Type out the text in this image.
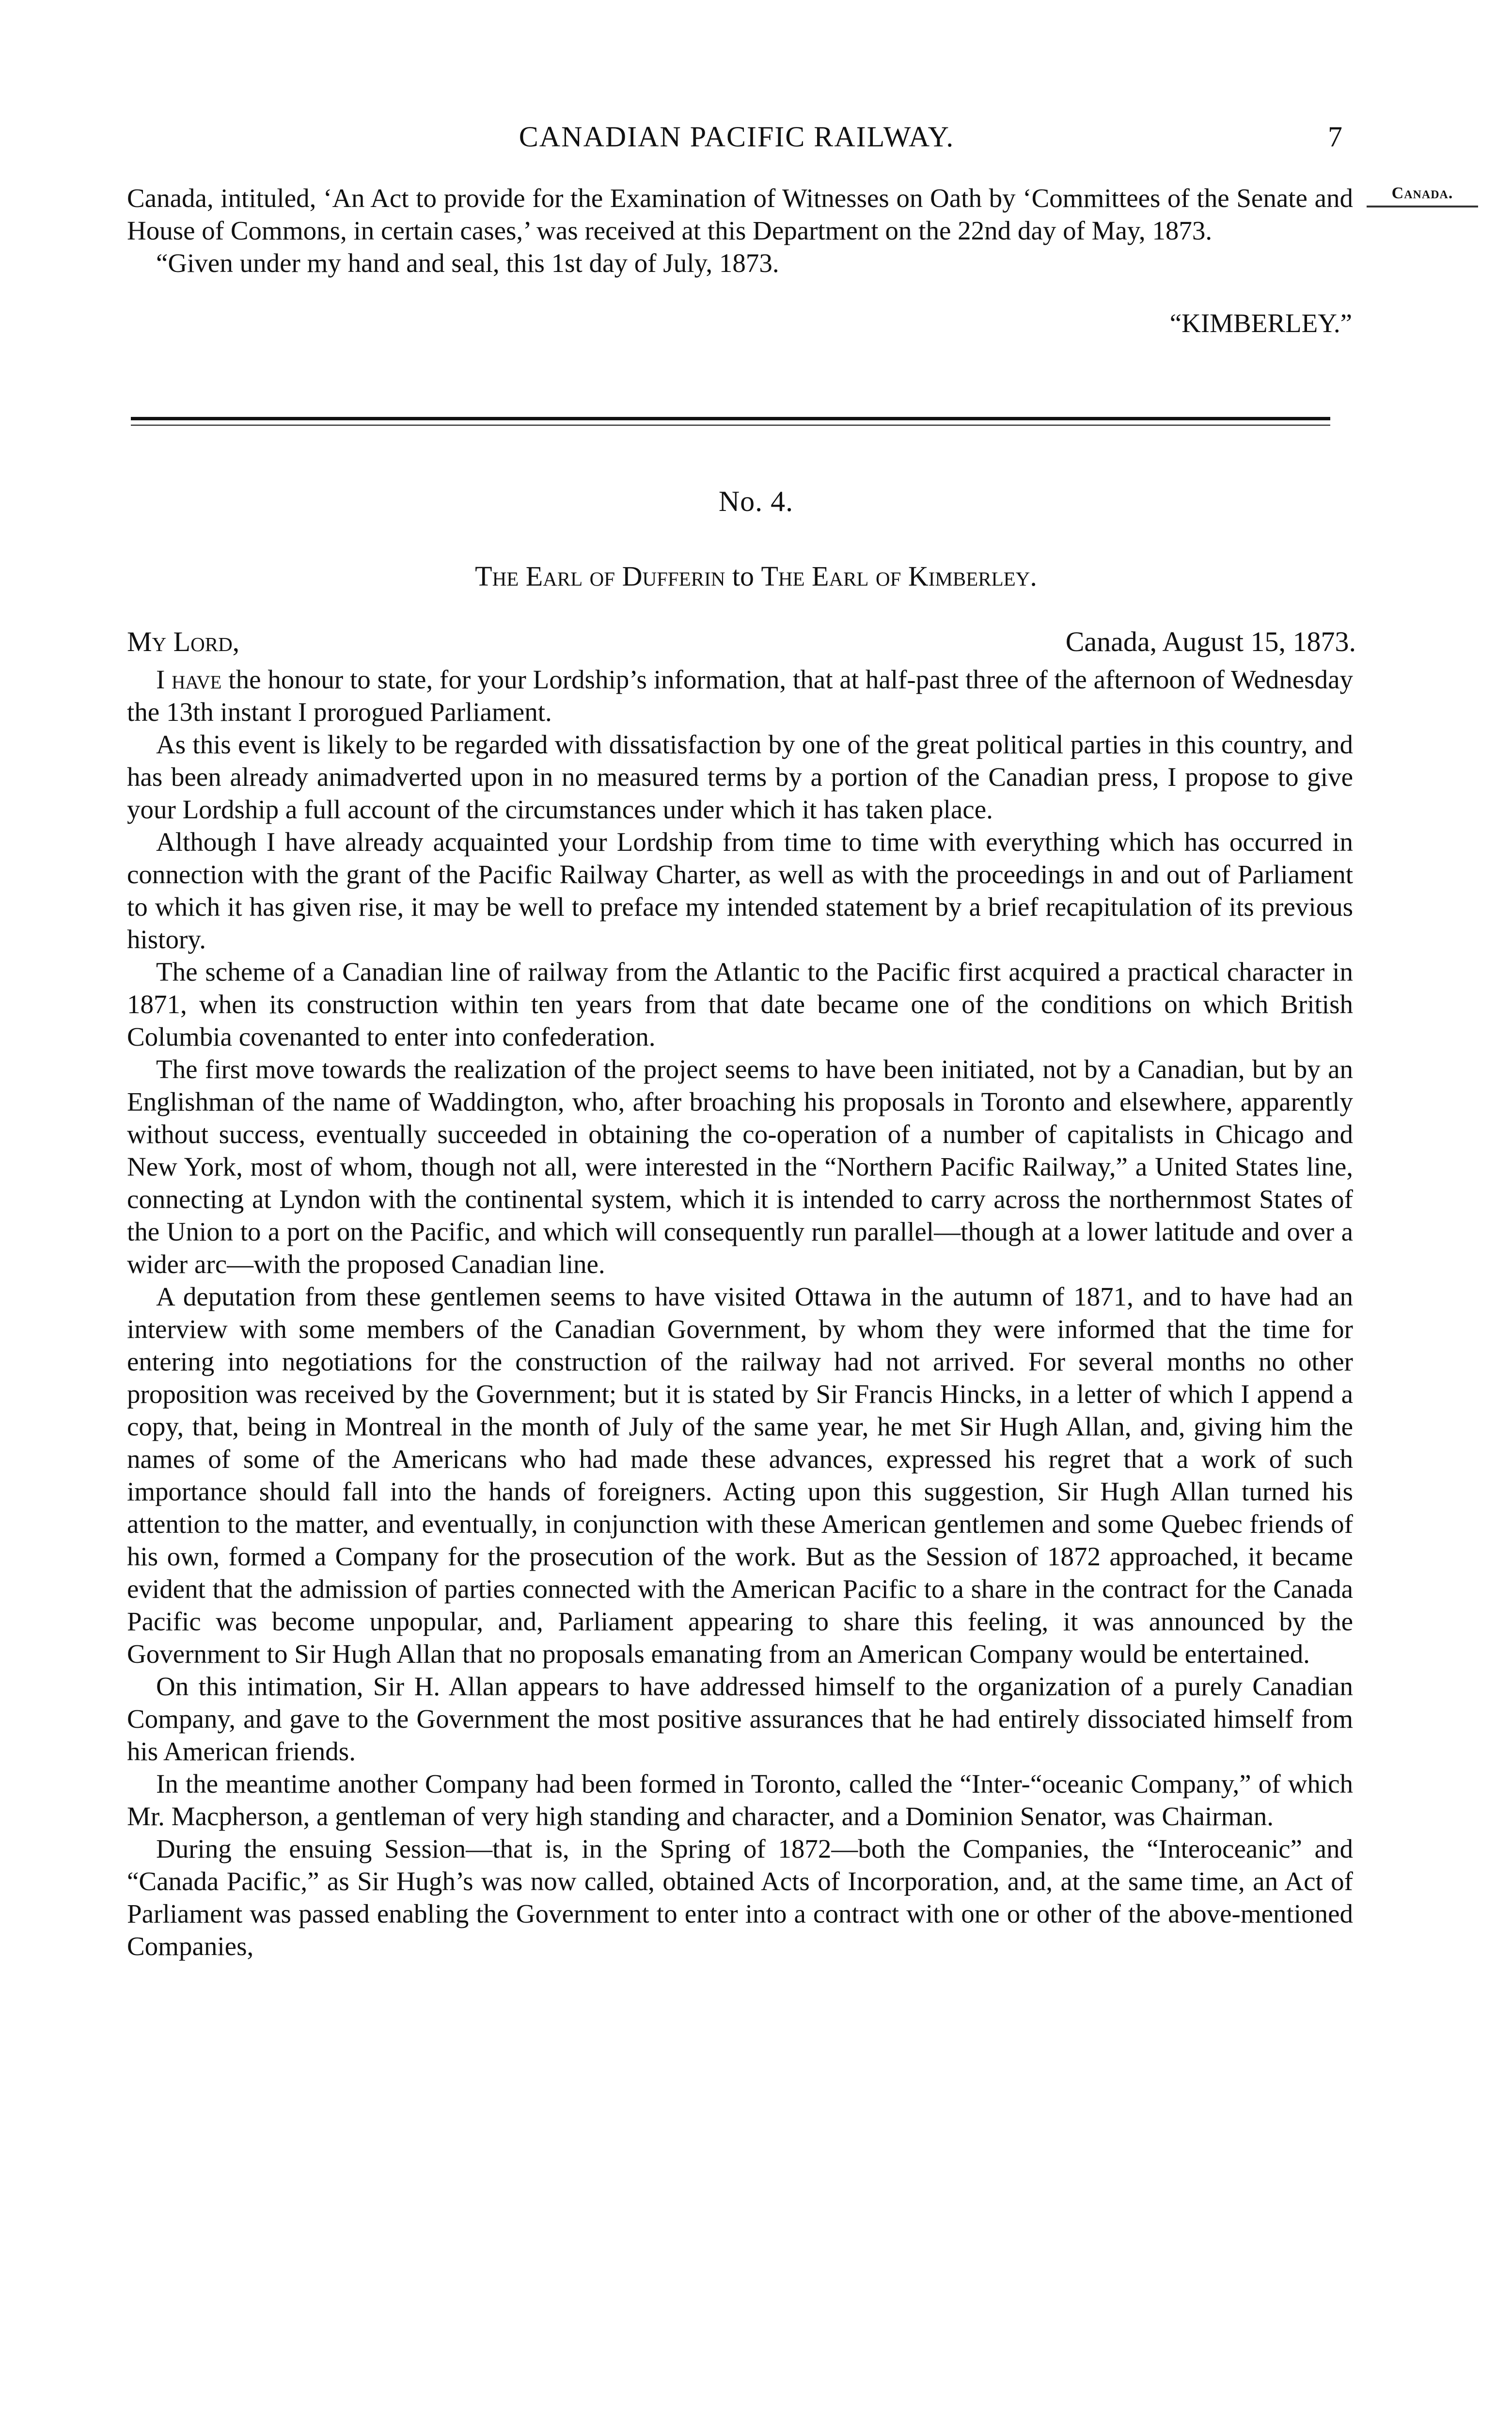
CANADIAN PACIFIC RAILWAY.	7
Canada.

Canada, intituled, ‘An Act to provide for the Examination of Witnesses on Oath by ‘Committees of the Senate and House of Commons, in certain cases,’ was received at this Department on the 22nd day of May, 1873.

“Given under my hand and seal, this 1st day of July, 1873.

“KIMBERLEY.”
No. 4.
The Earl of Dufferin to The Earl of Kimberley.
My Lord,	Canada, August 15, 1873.

I have the honour to state, for your Lordship’s information, that at half-past three of the afternoon of Wednesday the 13th instant I prorogued Parliament.

As this event is likely to be regarded with dissatisfaction by one of the great political parties in this country, and has been already animadverted upon in no measured terms by a portion of the Canadian press, I propose to give your Lordship a full account of the circumstances under which it has taken place.

Although I have already acquainted your Lordship from time to time with everything which has occurred in connection with the grant of the Pacific Railway Charter, as well as with the proceedings in and out of Parliament to which it has given rise, it may be well to preface my intended statement by a brief recapitulation of its previous history.

The scheme of a Canadian line of railway from the Atlantic to the Pacific first acquired a practical character in 1871, when its construction within ten years from that date became one of the conditions on which British Columbia covenanted to enter into confederation.

The first move towards the realization of the project seems to have been initiated, not by a Canadian, but by an Englishman of the name of Waddington, who, after broaching his proposals in Toronto and elsewhere, apparently without success, eventually succeeded in obtaining the co-operation of a number of capitalists in Chicago and New York, most of whom, though not all, were interested in the “Northern Pacific Railway,” a United States line, connecting at Lyndon with the continental system, which it is intended to carry across the northernmost States of the Union to a port on the Pacific, and which will consequently run parallel—though at a lower latitude and over a wider arc—with the proposed Canadian line.

A deputation from these gentlemen seems to have visited Ottawa in the autumn of 1871, and to have had an interview with some members of the Canadian Government, by whom they were informed that the time for entering into negotiations for the construction of the railway had not arrived. For several months no other proposition was received by the Government; but it is stated by Sir Francis Hincks, in a letter of which I append a copy, that, being in Montreal in the month of July of the same year, he met Sir Hugh Allan, and, giving him the names of some of the Americans who had made these advances, expressed his regret that a work of such importance should fall into the hands of foreigners. Acting upon this suggestion, Sir Hugh Allan turned his attention to the matter, and eventually, in conjunction with these American gentlemen and some Quebec friends of his own, formed a Company for the prosecution of the work. But as the Session of 1872 approached, it became evident that the admission of parties connected with the American Pacific to a share in the contract for the Canada Pacific was become unpopular, and, Parliament appearing to share this feeling, it was announced by the Government to Sir Hugh Allan that no proposals emanating from an American Company would be entertained.

On this intimation, Sir H. Allan appears to have addressed himself to the organization of a purely Canadian Company, and gave to the Government the most positive assurances that he had entirely dissociated himself from his American friends.

In the meantime another Company had been formed in Toronto, called the “Inter-“oceanic Company,” of which Mr. Macpherson, a gentleman of very high standing and character, and a Dominion Senator, was Chairman.

During the ensuing Session—that is, in the Spring of 1872—both the Companies, the “Interoceanic” and “Canada Pacific,” as Sir Hugh’s was now called, obtained Acts of Incorporation, and, at the same time, an Act of Parliament was passed enabling the Government to enter into a contract with one or other of the above-mentioned Companies,
